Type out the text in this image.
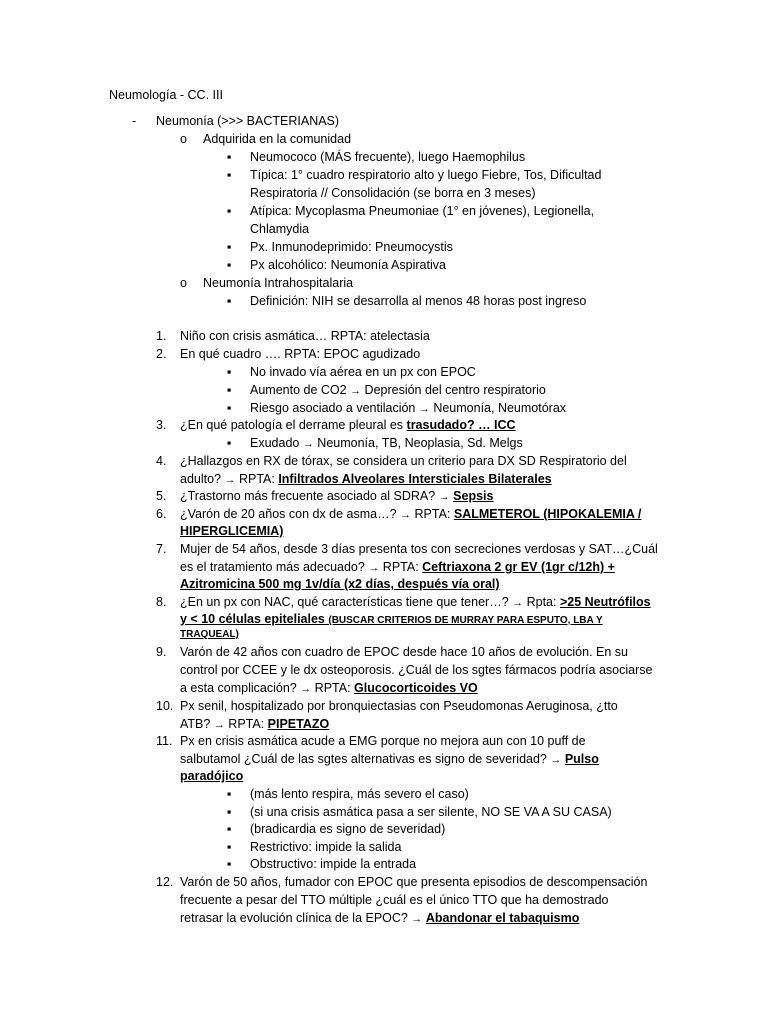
Neumología - CC. III
- Neumonía (>>> BACTERIANAS)
o Adquirida en la comunidad
▪ Neumococo (MÁS frecuente), luego Haemophilus
▪ Típica: 1° cuadro respiratorio alto y luego Fiebre, Tos, Dificultad
Respiratoria // Consolidación (se borra en 3 meses)
▪ Atípica: Mycoplasma Pneumoniae (1° en jóvenes), Legionella,
Chlamydia
▪ Px. Inmunodeprimido: Pneumocystis
▪ Px alcohólico: Neumonía Aspirativa
o Neumonía Intrahospitalaria
▪ Definición: NIH se desarrolla al menos 48 horas post ingreso
1. Niño con crisis asmática… RPTA: atelectasia
2. En qué cuadro …. RPTA: EPOC agudizado
▪ No invado vía aérea en un px con EPOC
▪ Aumento de CO2 → Depresión del centro respiratorio
▪ Riesgo asociado a ventilación → Neumonía, Neumotórax
3. ¿En qué patología el derrame pleural es trasudado? … ICC
▪ Exudado → Neumonía, TB, Neoplasia, Sd. Melgs
4. ¿Hallazgos en RX de tórax, se considera un criterio para DX SD Respiratorio del
adulto? → RPTA: Infiltrados Alveolares Intersticiales Bilaterales
5. ¿Trastorno más frecuente asociado al SDRA? → Sepsis
6. ¿Varón de 20 años con dx de asma…? → RPTA: SALMETEROL (HIPOKALEMIA /
HIPERGLICEMIA)
7. Mujer de 54 años, desde 3 días presenta tos con secreciones verdosas y SAT…¿Cuál
es el tratamiento más adecuado? → RPTA: Ceftriaxona 2 gr EV (1gr c/12h) +
Azitromicina 500 mg 1v/día (x2 días, después vía oral)
8. ¿En un px con NAC, qué características tiene que tener…? → Rpta: >25 Neutrófilos
y < 10 células epiteliales (BUSCAR CRITERIOS DE MURRAY PARA ESPUTO, LBA Y
TRAQUEAL)
9. Varón de 42 años con cuadro de EPOC desde hace 10 años de evolución. En su
control por CCEE y le dx osteoporosis. ¿Cuál de los sgtes fármacos podría asociarse
a esta complicación? → RPTA: Glucocorticoides VO
10. Px senil, hospitalizado por bronquiectasias con Pseudomonas Aeruginosa, ¿tto
ATB? → RPTA: PIPETAZO
11. Px en crisis asmática acude a EMG porque no mejora aun con 10 puff de
salbutamol ¿Cuál de las sgtes alternativas es signo de severidad? → Pulso
paradójico
▪ (más lento respira, más severo el caso)
▪ (si una crisis asmática pasa a ser silente, NO SE VA A SU CASA)
▪ (bradicardia es signo de severidad)
▪ Restrictivo: impide la salida
▪ Obstructivo: impide la entrada
12. Varón de 50 años, fumador con EPOC que presenta episodios de descompensación
frecuente a pesar del TTO múltiple ¿cuál es el único TTO que ha demostrado
retrasar la evolución clínica de la EPOC? → Abandonar el tabaquismo
